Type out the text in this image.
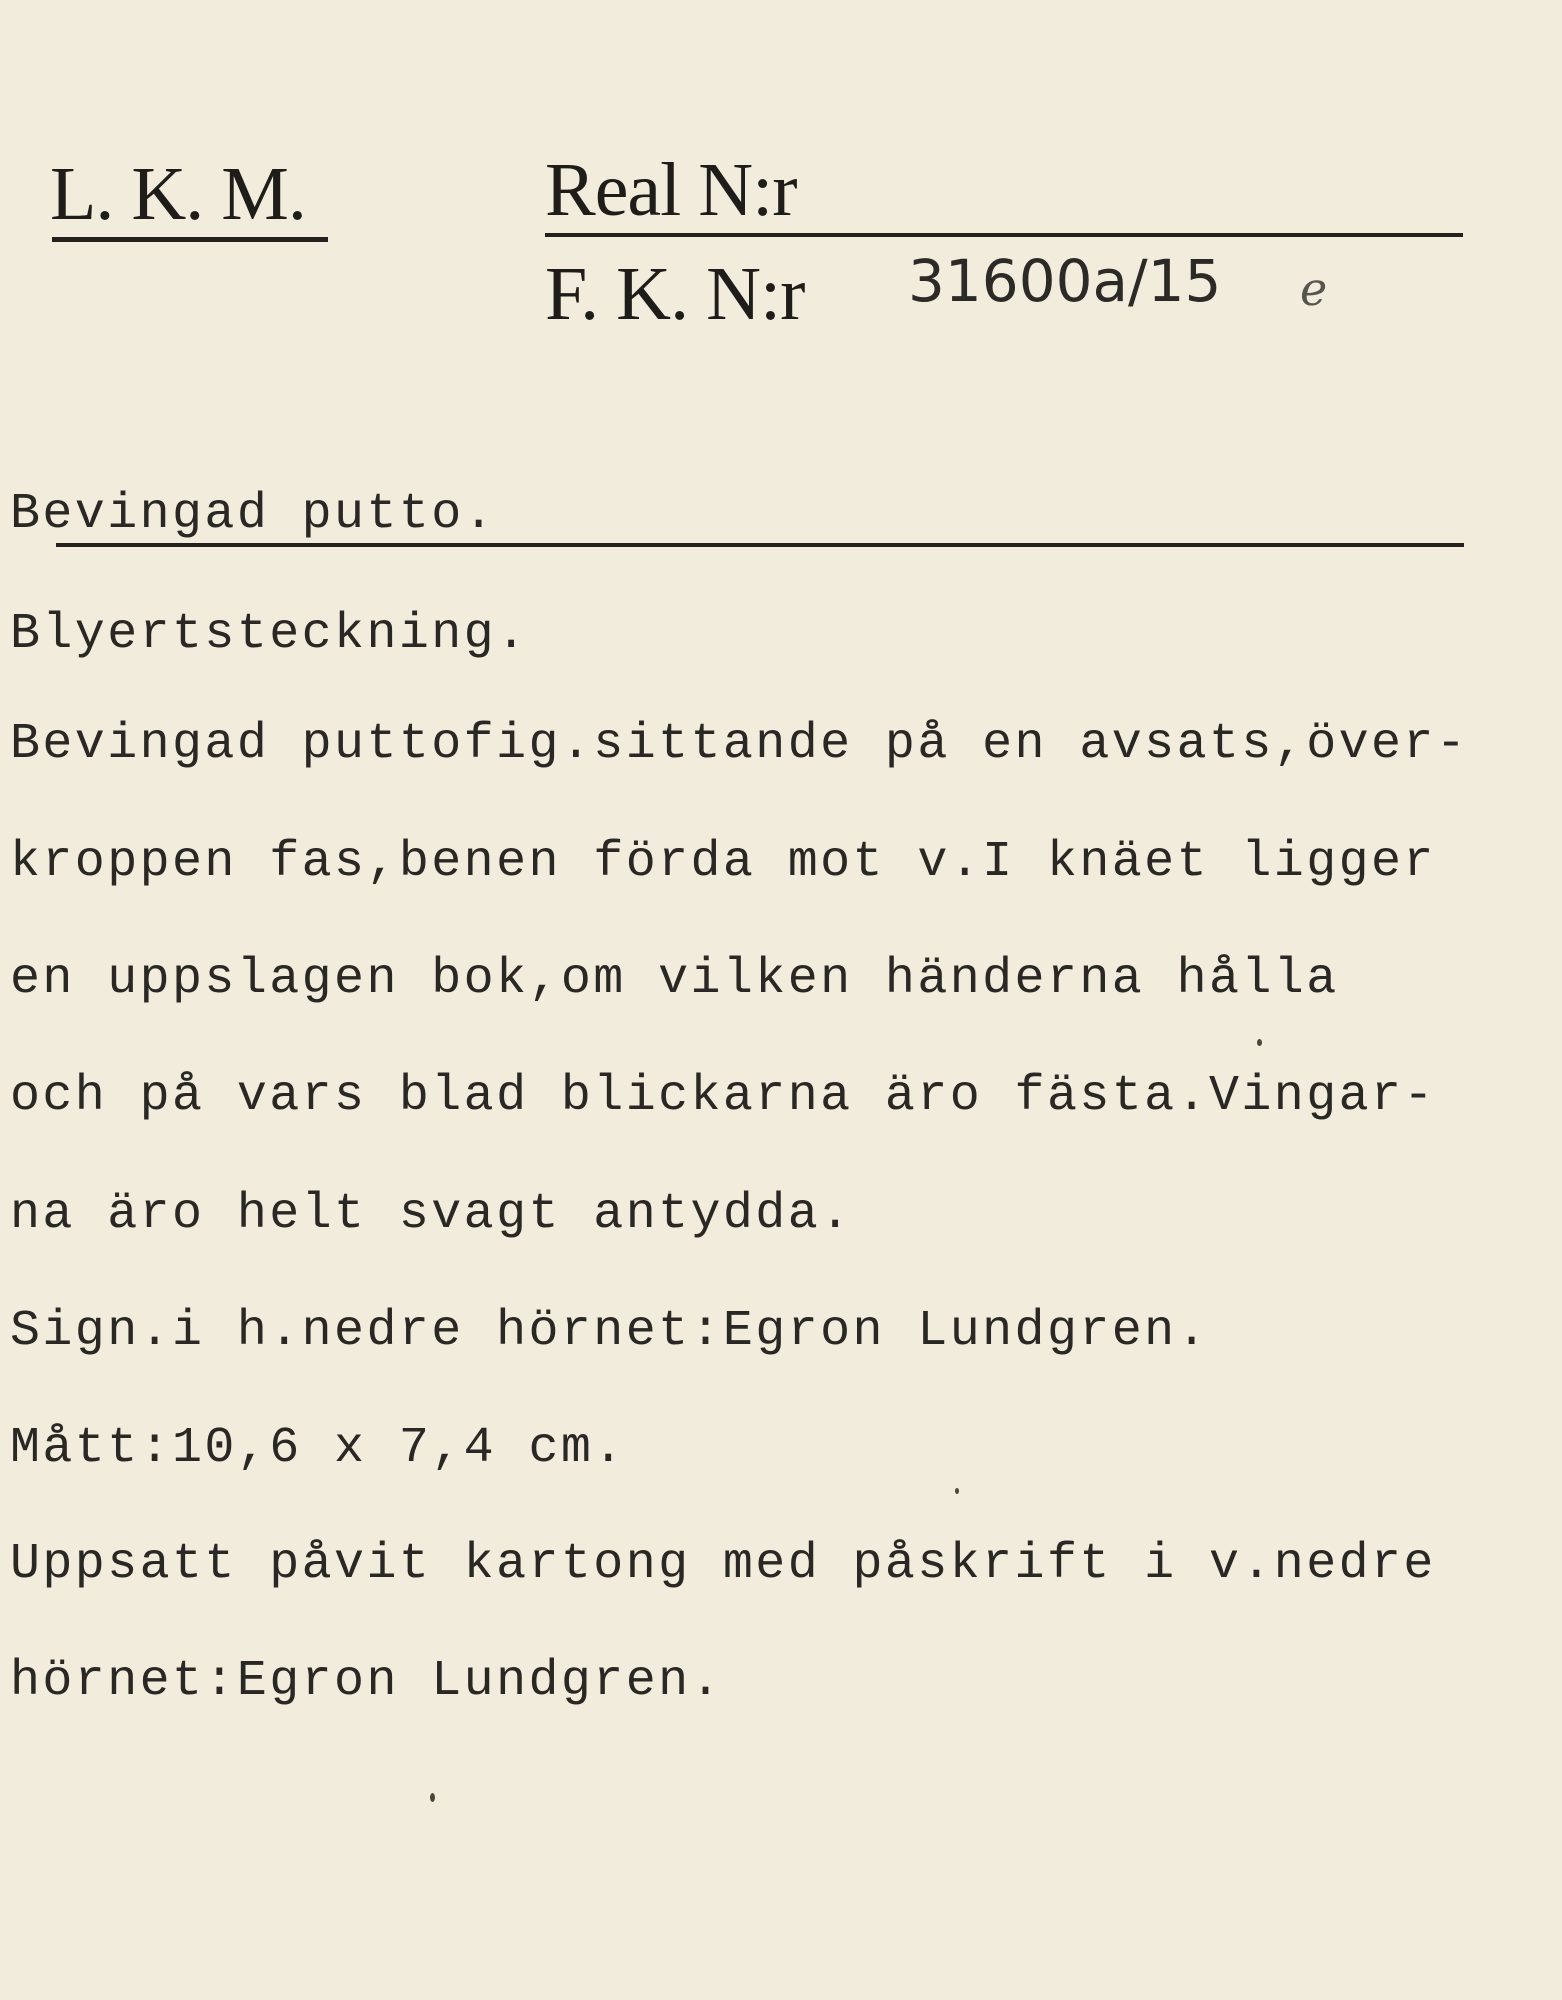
L. K. M.	Real N:r
F. K. N:r 31600a/15 e
Bevingad putto.
Blyertsteckning.
Bevingad puttofig.sittande på en avsats,över-
kroppen fas,benen förda mot v.I knäet ligger
en uppslagen bok,om vilken händerna hålla
och på vars blad blickarna äro fästa.Vingar-
na äro helt svagt antydda.
Sign.i h.nedre hörnet:Egron Lundgren.
Mått:10,6 x 7,4 cm.
Uppsatt påvit kartong med påskrift i v.nedre
hörnet:Egron Lundgren.
